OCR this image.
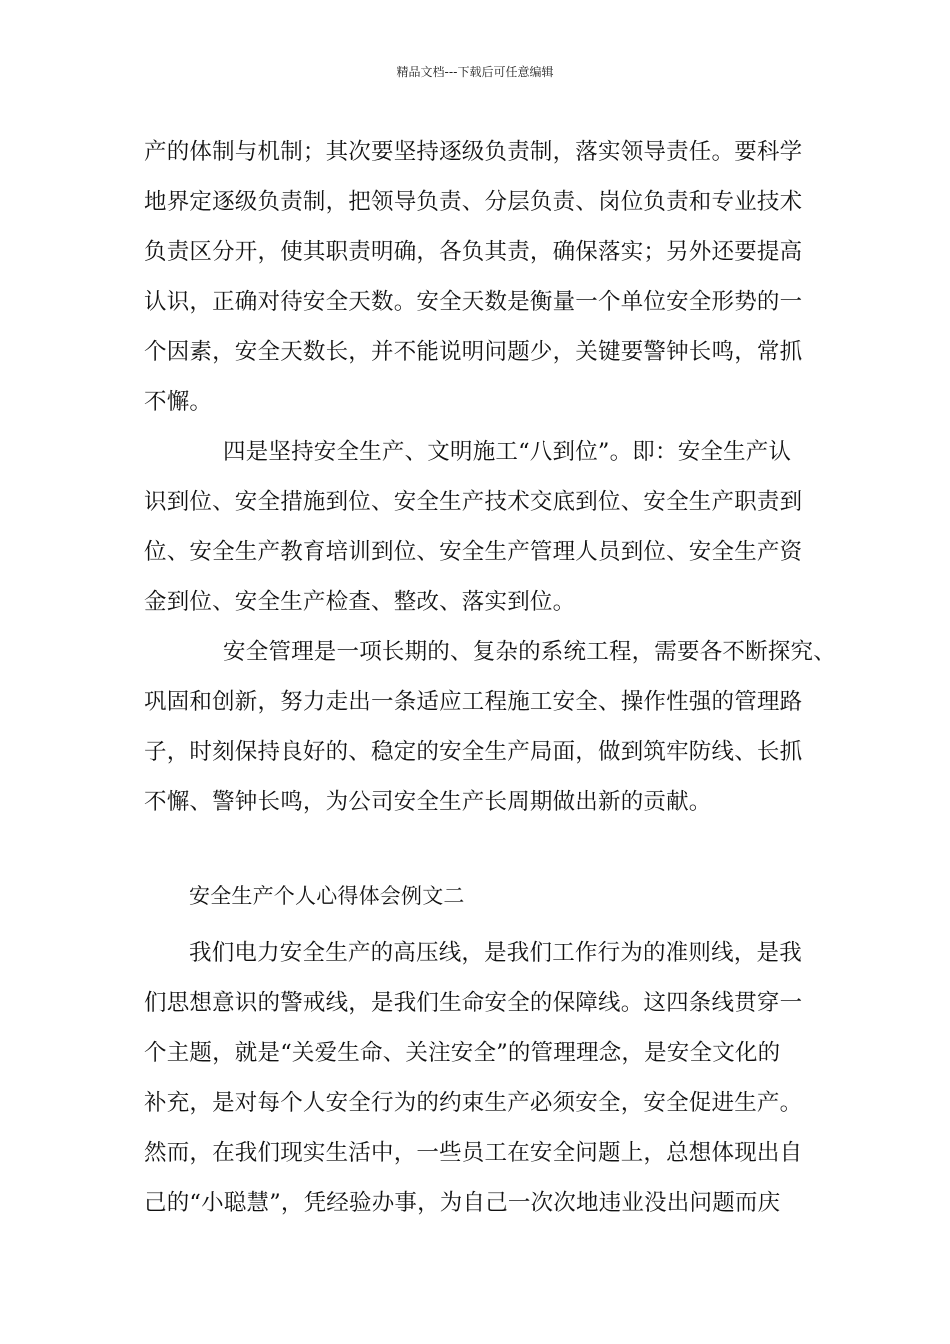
精品文档---下载后可任意编辑
产的体制与机制；其次要坚持逐级负责制，落实领导责任。要科学
地界定逐级负责制，把领导负责、分层负责、岗位负责和专业技术
负责区分开，使其职责明确，各负其责，确保落实；另外还要提高
认识，正确对待安全天数。安全天数是衡量一个单位安全形势的一
个因素，安全天数长，并不能说明问题少，关键要警钟长鸣，常抓
不懈。
四是坚持安全生产、文明施工“八到位”。即：安全生产认
识到位、安全措施到位、安全生产技术交底到位、安全生产职责到
位、安全生产教育培训到位、安全生产管理人员到位、安全生产资
金到位、安全生产检查、整改、落实到位。
安全管理是一项长期的、复杂的系统工程，需要各不断探究、
巩固和创新，努力走出一条适应工程施工安全、操作性强的管理路
子，时刻保持良好的、稳定的安全生产局面，做到筑牢防线、长抓
不懈、警钟长鸣，为公司安全生产长周期做出新的贡献。
安全生产个人心得体会例文二
我们电力安全生产的高压线，是我们工作行为的准则线，是我
们思想意识的警戒线，是我们生命安全的保障线。这四条线贯穿一
个主题，就是“关爱生命、关注安全”的管理理念，是安全文化的
补充，是对每个人安全行为的约束生产必须安全，安全促进生产。
然而，在我们现实生活中，一些员工在安全问题上，总想体现出自
己的“小聪慧”，凭经验办事，为自己一次次地违业没出问题而庆
